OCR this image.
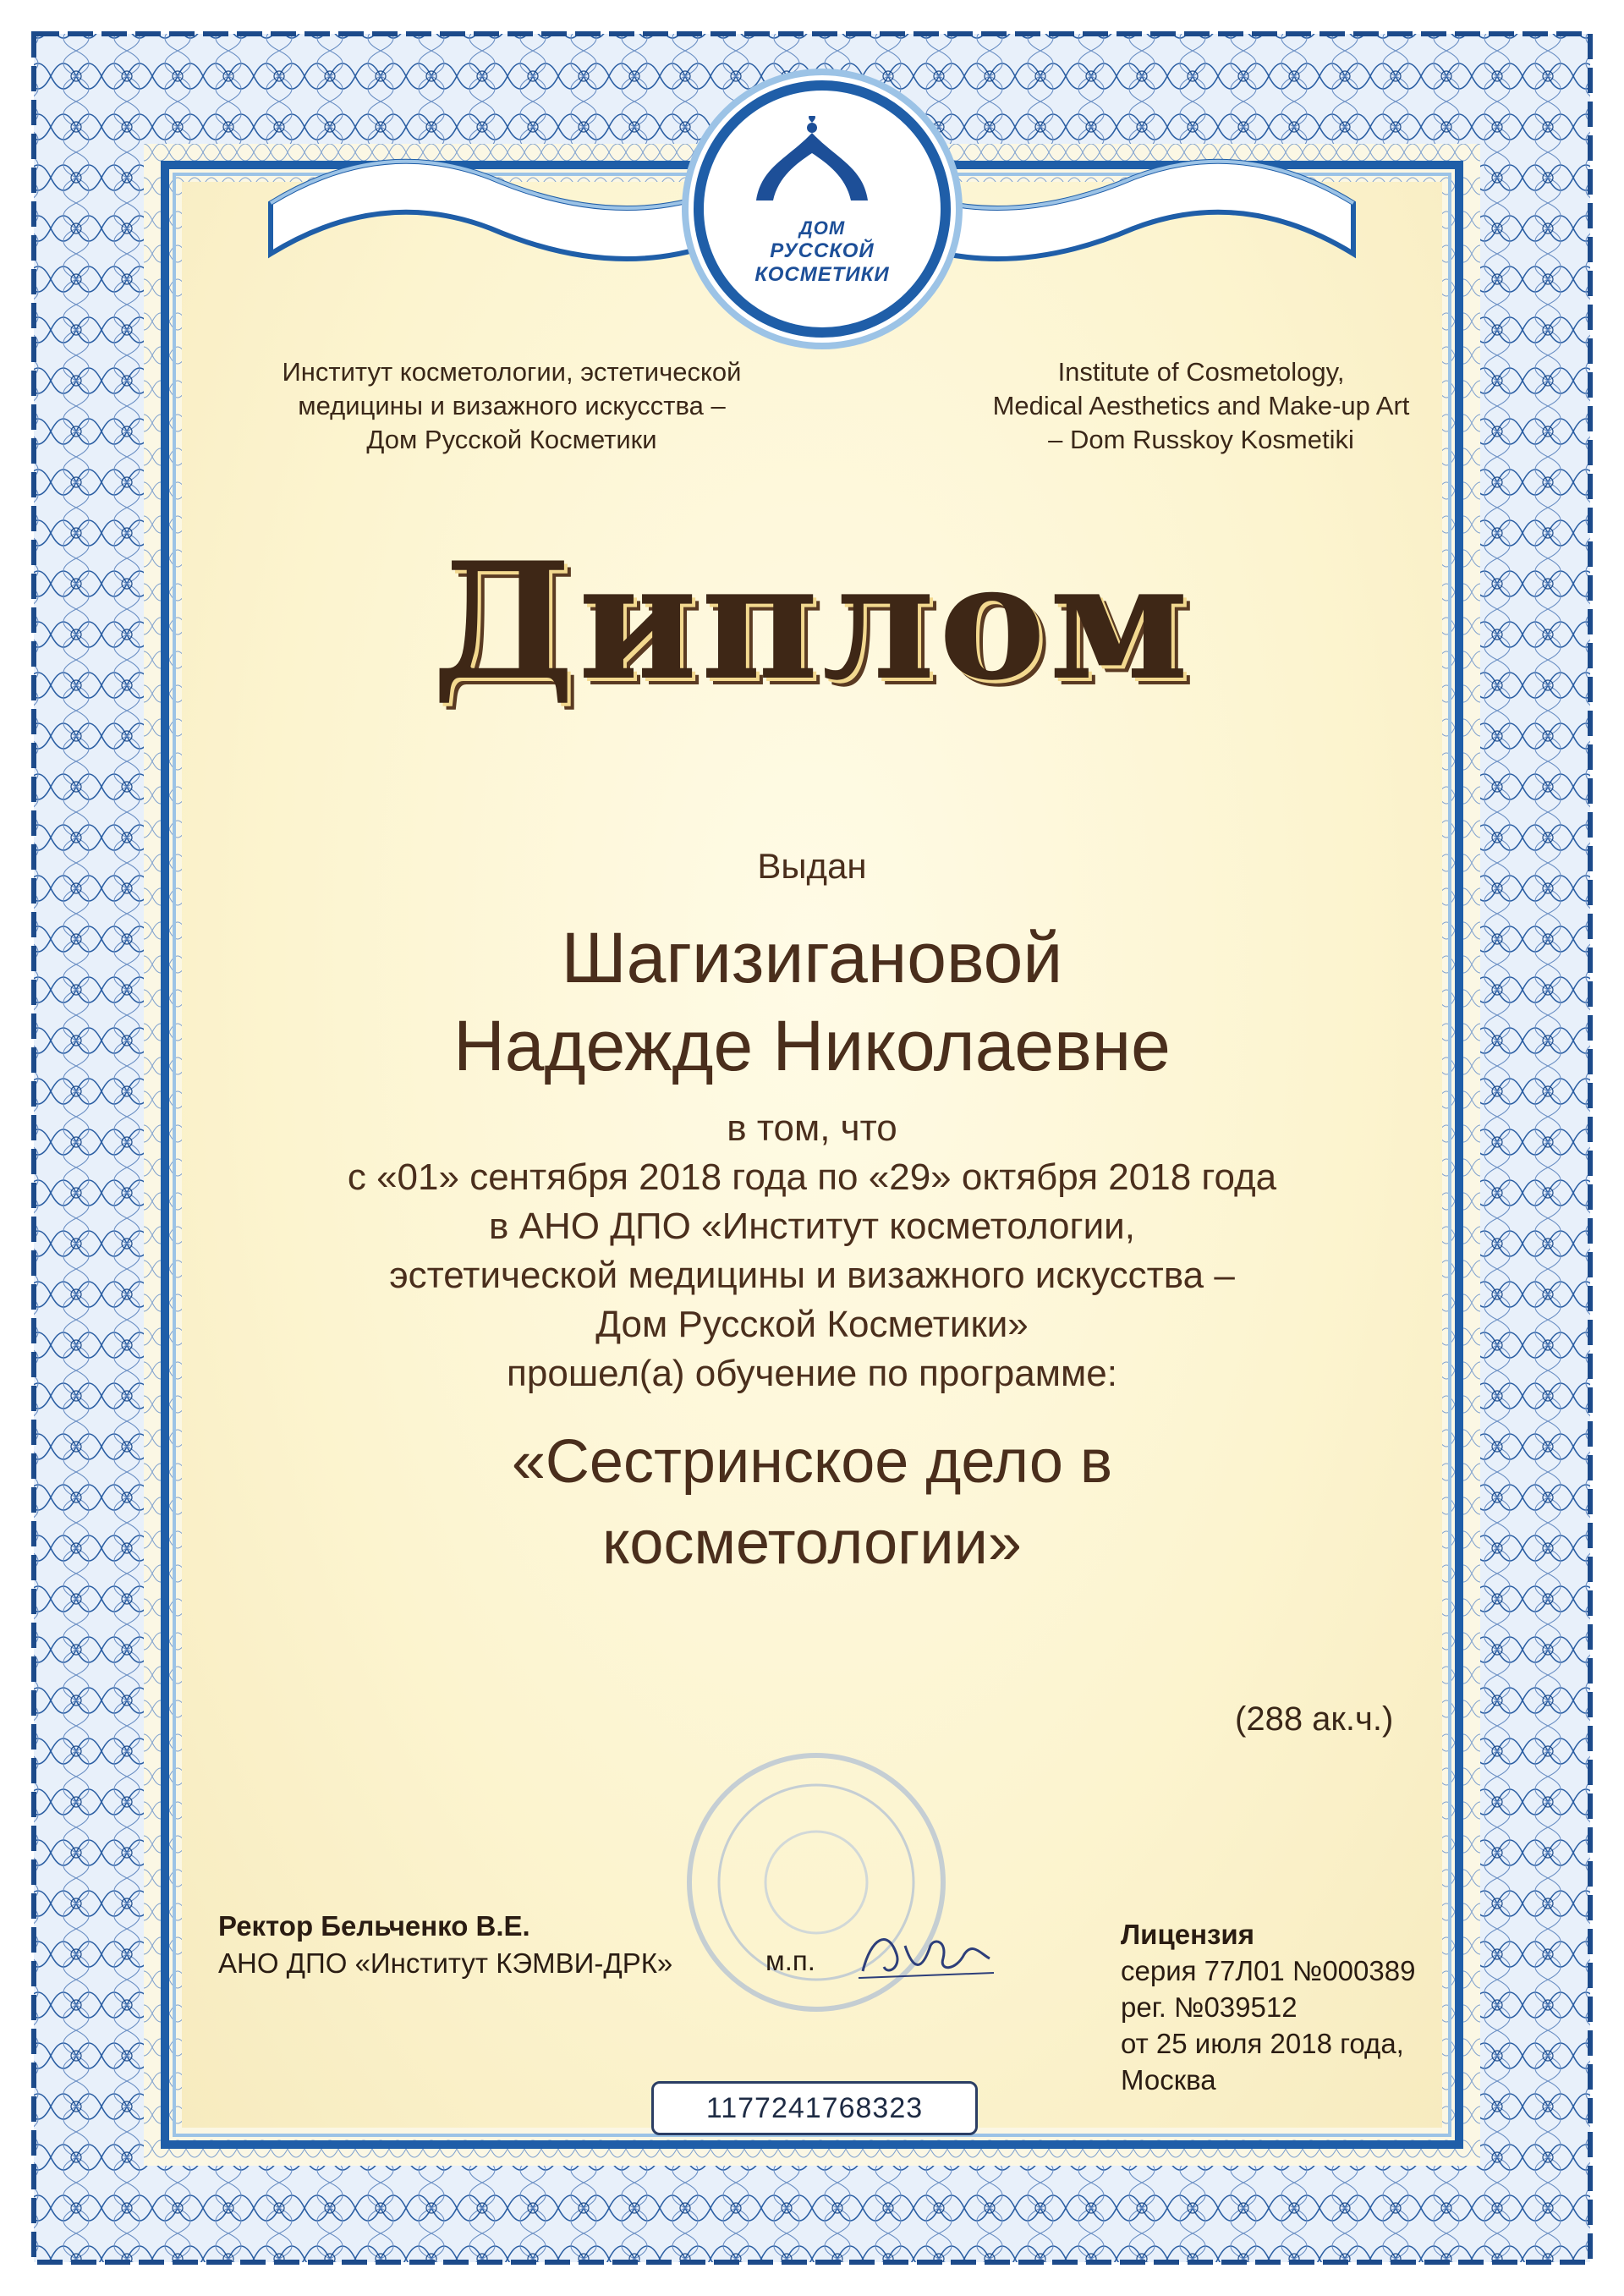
ДОМ
РУССКОЙ
КОСМЕТИКИ
Институт косметологии, эстетической
медицины и визажного искусства –
Дом Русской Косметики
Institute of Cosmetology,
Medical Aesthetics and Make-up Art
– Dom Russkoy Kosmetiki
Диплом
Выдан
Шагизигановой
Надежде Николаевне
в том, что
с «01» сентября 2018 года по «29» октября 2018 года
в АНО ДПО «Институт косметологии,
эстетической медицины и визажного искусства –
Дом Русской Косметики»
прошел(а) обучение по программе:
«Сестринское дело в
косметологии»
(288 ак.ч.)
Ректор Бельченко В.Е.
АНО ДПО «Институт КЭМВИ-ДРК»	м.п.
Лицензия
серия 77Л01 №000389
рег. №039512
от 25 июля 2018 года,
Москва
1177241768323
